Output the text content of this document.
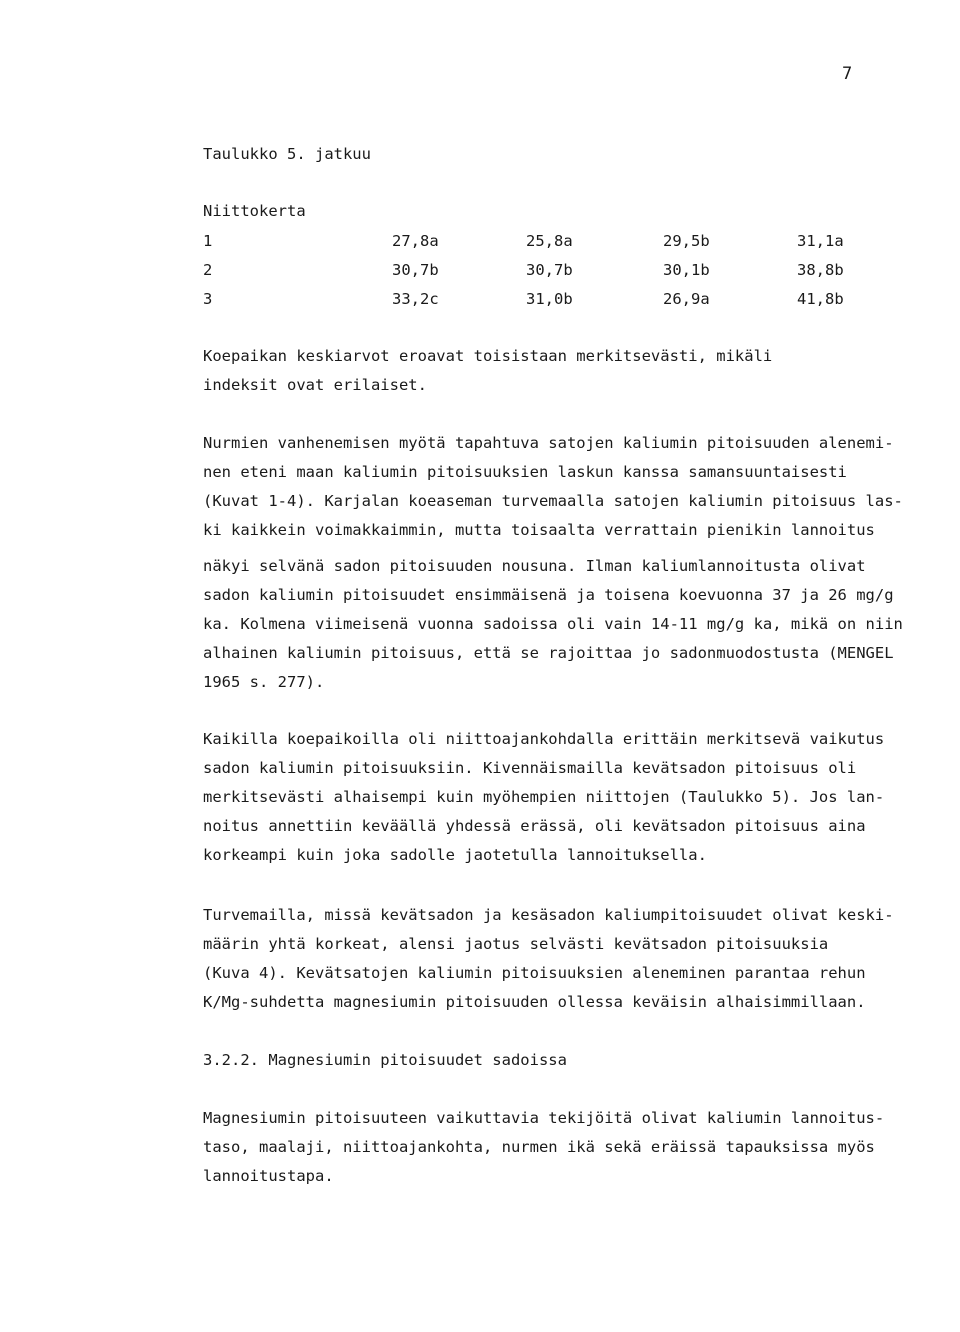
7
Taulukko 5. jatkuu
Niittokerta
1	27,8a	25,8a	29,5b	31,1a
2	30,7b	30,7b	30,1b	38,8b
3	33,2c	31,0b	26,9a	41,8b
Koepaikan keskiarvot eroavat toisistaan merkitsevästi, mikäli
indeksit ovat erilaiset.
Nurmien vanhenemisen myötä tapahtuva satojen kaliumin pitoisuuden alenemi-
nen eteni maan kaliumin pitoisuuksien laskun kanssa samansuuntaisesti
(Kuvat 1-4). Karjalan koeaseman turvemaalla satojen kaliumin pitoisuus las-
ki kaikkein voimakkaimmin, mutta toisaalta verrattain pienikin lannoitus
näkyi selvänä sadon pitoisuuden nousuna. Ilman kaliumlannoitusta olivat
sadon kaliumin pitoisuudet ensimmäisenä ja toisena koevuonna 37 ja 26 mg/g
ka. Kolmena viimeisenä vuonna sadoissa oli vain 14-11 mg/g ka, mikä on niin
alhainen kaliumin pitoisuus, että se rajoittaa jo sadonmuodostusta (MENGEL
1965 s. 277).
Kaikilla koepaikoilla oli niittoajankohdalla erittäin merkitsevä vaikutus
sadon kaliumin pitoisuuksiin. Kivennäismailla kevätsadon pitoisuus oli
merkitsevästi alhaisempi kuin myöhempien niittojen (Taulukko 5). Jos lan-
noitus annettiin keväällä yhdessä erässä, oli kevätsadon pitoisuus aina
korkeampi kuin joka sadolle jaotetulla lannoituksella.
Turvemailla, missä kevätsadon ja kesäsadon kaliumpitoisuudet olivat keski-
määrin yhtä korkeat, alensi jaotus selvästi kevätsadon pitoisuuksia
(Kuva 4). Kevätsatojen kaliumin pitoisuuksien aleneminen parantaa rehun
K/Mg-suhdetta magnesiumin pitoisuuden ollessa keväisin alhaisimmillaan.
3.2.2. Magnesiumin pitoisuudet sadoissa
Magnesiumin pitoisuuteen vaikuttavia tekijöitä olivat kaliumin lannoitus-
taso, maalaji, niittoajankohta, nurmen ikä sekä eräissä tapauksissa myös
lannoitustapa.
